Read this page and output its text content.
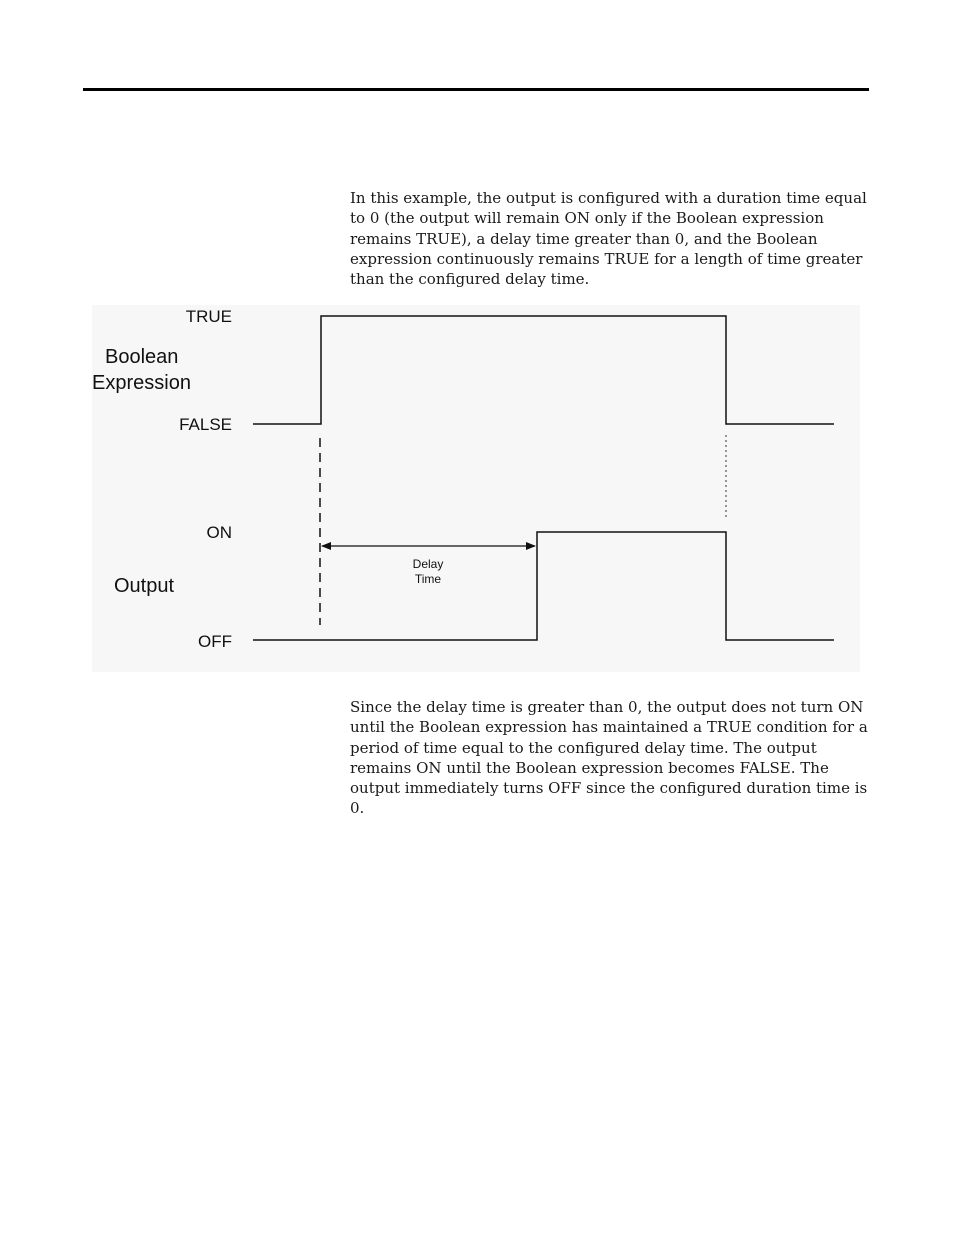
In this example, the output is configured with a duration time equal to 0 (the output will remain ON only if the Boolean expression remains TRUE), a delay time greater than 0, and the Boolean expression continuously remains TRUE for a length of time greater than the configured delay time.

TRUE
FALSE
Boolean
Expression
ON
OFF
Output
Delay
Time

Since the delay time is greater than 0, the output does not turn ON until the Boolean expression has maintained a TRUE condition for a period of time equal to the configured delay time. The output remains ON until the Boolean expression becomes FALSE. The output immediately turns OFF since the configured duration time is 0.
